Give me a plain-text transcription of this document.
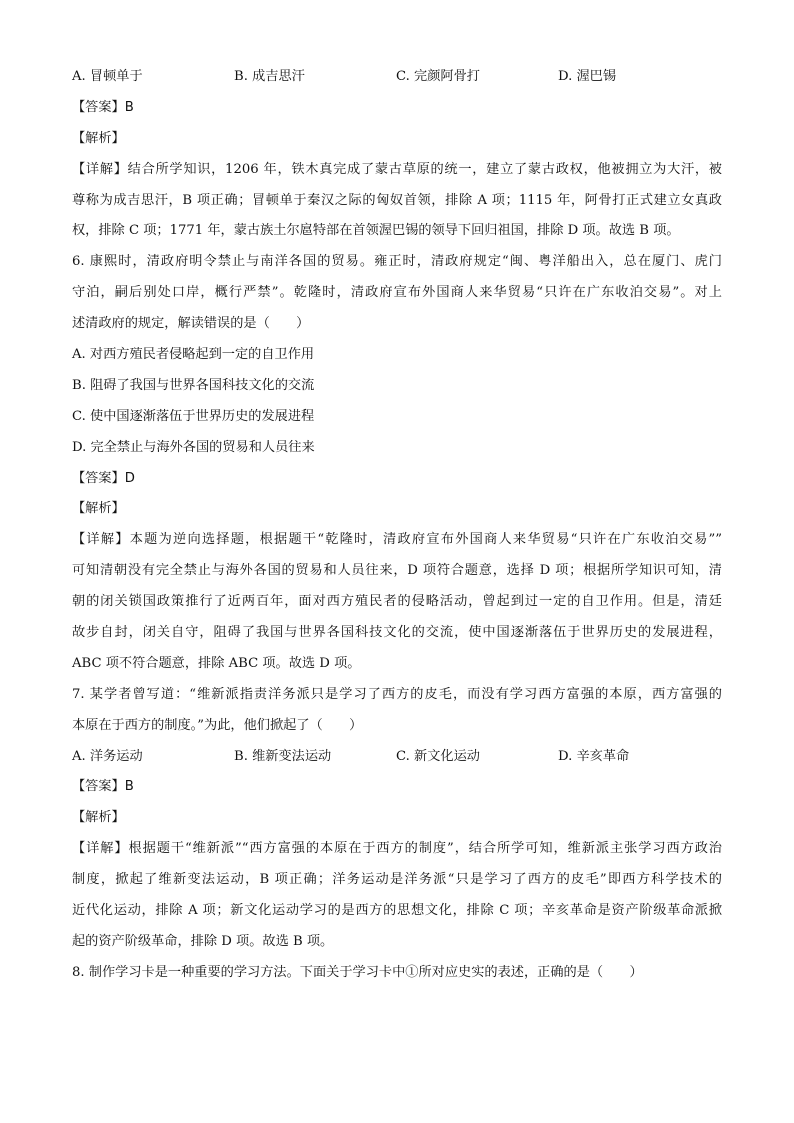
A. 冒顿单于	B. 成吉思汗	C. 完颜阿骨打	D. 渥巴锡
【答案】B
【解析】
【详解】结合所学知识，1206 年，铁木真完成了蒙古草原的统一，建立了蒙古政权，他被拥立为大汗，被
尊称为成吉思汗，B 项正确；冒顿单于秦汉之际的匈奴首领，排除 A 项；1115 年，阿骨打正式建立女真政
权，排除 C 项；1771 年，蒙古族土尔扈特部在首领渥巴锡的领导下回归祖国，排除 D 项。故选 B 项。
6. 康熙时，清政府明令禁止与南洋各国的贸易。雍正时，清政府规定“闽、粤洋船出入，总在厦门、虎门
守泊，嗣后别处口岸，概行严禁”。乾隆时，清政府宣布外国商人来华贸易“只许在广东收泊交易”。对上
述清政府的规定，解读错误的是（　　）
A. 对西方殖民者侵略起到一定的自卫作用
B. 阻碍了我国与世界各国科技文化的交流
C. 使中国逐渐落伍于世界历史的发展进程
D. 完全禁止与海外各国的贸易和人员往来
【答案】D
【解析】
【详解】本题为逆向选择题，根据题干“乾隆时，清政府宣布外国商人来华贸易“只许在广东收泊交易””
可知清朝没有完全禁止与海外各国的贸易和人员往来，D 项符合题意，选择 D 项；根据所学知识可知，清
朝的闭关锁国政策推行了近两百年，面对西方殖民者的侵略活动，曾起到过一定的自卫作用。但是，清廷
故步自封，闭关自守，阻碍了我国与世界各国科技文化的交流，使中国逐渐落伍于世界历史的发展进程，
ABC 项不符合题意，排除 ABC 项。故选 D 项。
7. 某学者曾写道：“维新派指责洋务派只是学习了西方的皮毛，而没有学习西方富强的本原，西方富强的
本原在于西方的制度。”为此，他们掀起了（　　）
A. 洋务运动	B. 维新变法运动	C. 新文化运动	D. 辛亥革命
【答案】B
【解析】
【详解】根据题干“维新派”“西方富强的本原在于西方的制度”，结合所学可知，维新派主张学习西方政治
制度，掀起了维新变法运动，B 项正确；洋务运动是洋务派“只是学习了西方的皮毛”即西方科学技术的
近代化运动，排除 A 项；新文化运动学习的是西方的思想文化，排除 C 项；辛亥革命是资产阶级革命派掀
起的资产阶级革命，排除 D 项。故选 B 项。
8. 制作学习卡是一种重要的学习方法。下面关于学习卡中①所对应史实的表述，正确的是（　　）
